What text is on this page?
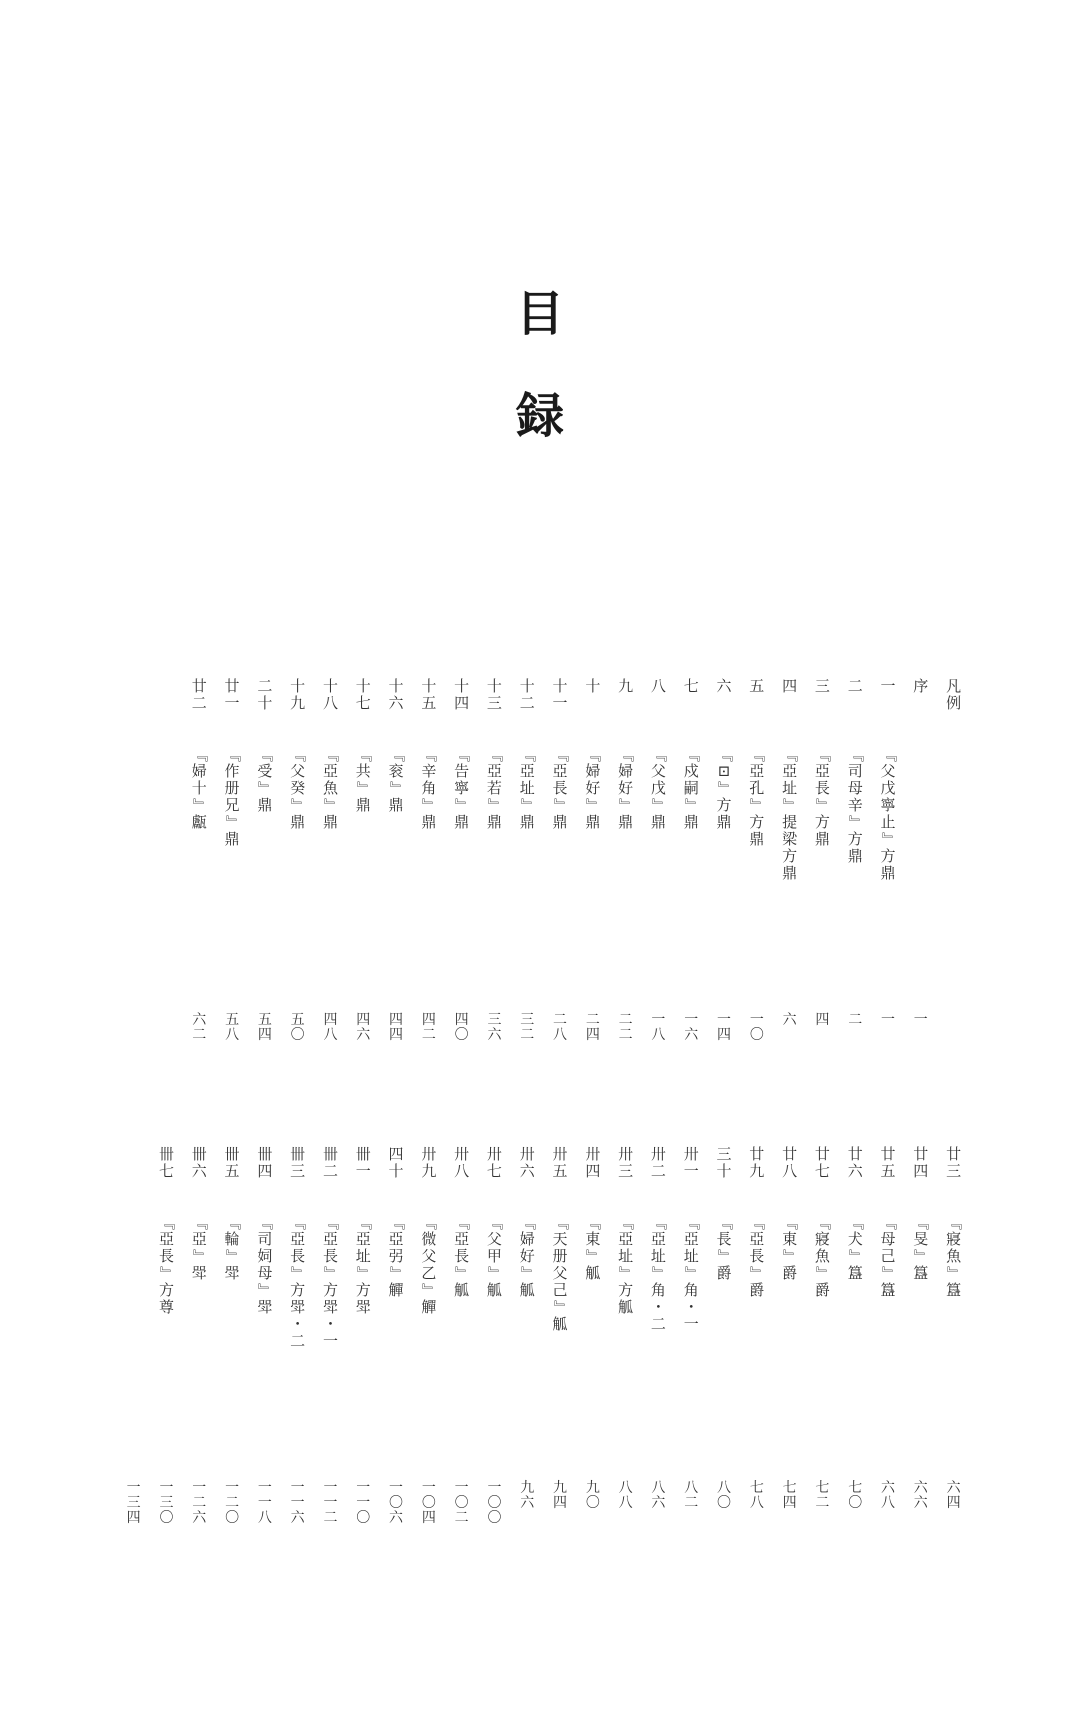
目
録
凡
例
序
一
一
『
父
戊
寧
止
』
方
鼎
一
二
『
司
母
辛
』
方
鼎
二
三
『
亞
長
』
方
鼎
四
四
『
亞
址
』
提
梁
方
鼎
六
五
『
亞
孔
』
方
鼎
一
〇
六
『
⊡
』
方
鼎
一
四
七
『
戍
嗣
』
鼎
一
六
八
『
父
戊
』
鼎
一
八
九
『
婦
好
』
鼎
二
二
十
『
婦
好
』
鼎
二
四
十
一
『
亞
長
』
鼎
二
八
十
二
『
亞
址
』
鼎
三
二
十
三
『
亞
若
』
鼎
三
六
十
四
『
告
寧
』
鼎
四
〇
十
五
『
辛
角
』
鼎
四
二
十
六
『
衮
』
鼎
四
四
十
七
『
共
』
鼎
四
六
十
八
『
亞
魚
』
鼎
四
八
十
九
『
父
癸
』
鼎
五
〇
二
十
『
受
』
鼎
五
四
廿
一
『
作
册
兄
』
鼎
五
八
廿
二
『
婦
十
』
甗
六
二
廿
三
『
寢
魚
』
簋
六
四
廿
四
『
旻
』
簋
六
六
廿
五
『
母
己
』
簋
六
八
廿
六
『
犬
』
簋
七
〇
廿
七
『
寢
魚
』
爵
七
二
廿
八
『
東
』
爵
七
四
廿
九
『
亞
長
』
爵
七
八
三
十
『
長
』
爵
八
〇
卅
一
『
亞
址
』
角
・
一
八
二
卅
二
『
亞
址
』
角
・
二
八
六
卅
三
『
亞
址
』
方
觚
八
八
卅
四
『
東
』
觚
九
〇
卅
五
『
天
册
父
己
』
觚
九
四
卅
六
『
婦
好
』
觚
九
六
卅
七
『
父
甲
』
觚
一
〇
〇
卅
八
『
亞
長
』
觚
一
〇
二
卅
九
『
微
父
乙
』
觶
一
〇
四
四
十
『
亞
弜
』
觶
一
〇
六
卌
一
『
亞
址
』
方
斝
一
一
〇
卌
二
『
亞
長
』
方
斝
・
一
一
一
二
卌
三
『
亞
長
』
方
斝
・
二
一
一
六
卌
四
『
司
㚸
母
』
斝
一
一
八
卌
五
『
輪
』
斝
一
二
〇
卌
六
『
亞
』
斝
一
二
六
卌
七
『
亞
長
』
方
尊
一
三
〇
一
三
四
